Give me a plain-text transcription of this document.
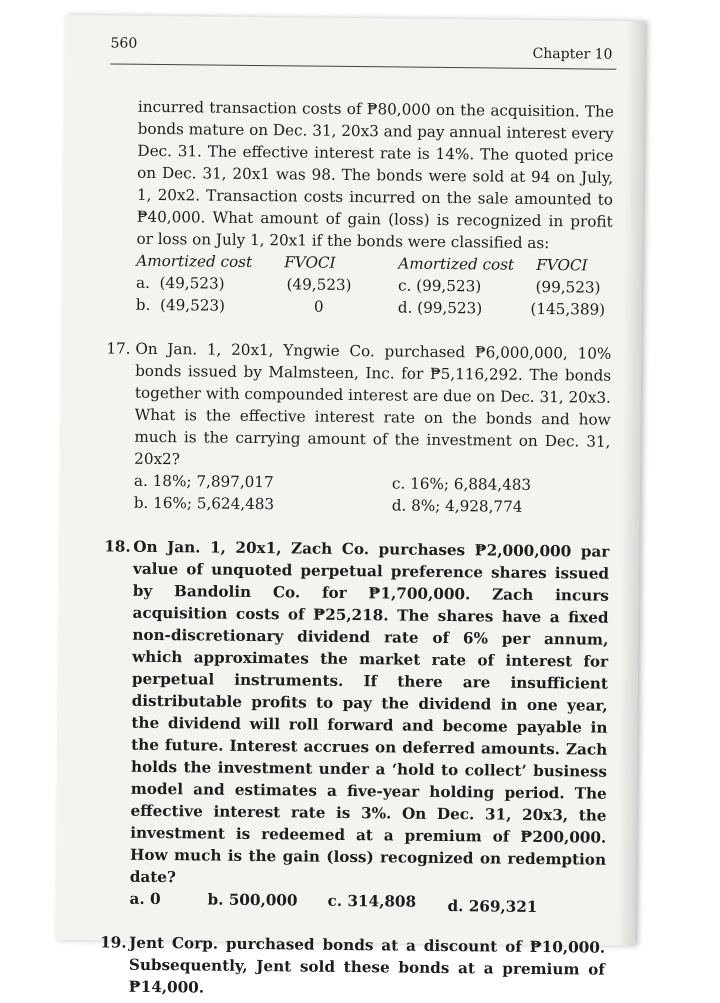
560
Chapter 10

incurred transaction costs of ₱80,000 on the acquisition. The bonds mature on Dec. 31, 20x3 and pay annual interest every Dec. 31. The effective interest rate is 14%. The quoted price on Dec. 31, 20x1 was 98. The bonds were sold at 94 on July, 1, 20x2. Transaction costs incurred on the sale amounted to ₱40,000. What amount of gain (loss) is recognized in profit or loss on July 1, 20x1 if the bonds were classified as:

Amortized cost FVOCI	Amortized cost FVOCI
a. (49,523)	(49,523)	c. (99,523)	(99,523)
b. (49,523)	0	d. (99,523)	(145,389)
17. On Jan. 1, 20x1, Yngwie Co. purchased ₱6,000,000, 10% bonds issued by Malmsteen, Inc. for ₱5,116,292. The bonds together with compounded interest are due on Dec. 31, 20x3. What is the effective interest rate on the bonds and how much is the carrying amount of the investment on Dec. 31, 20x2?

a. 18%; 7,897,017	c. 16%; 6,884,483
b. 16%; 5,624,483	d. 8%; 4,928,774
18. On Jan. 1, 20x1, Zach Co. purchases ₱2,000,000 par value of unquoted perpetual preference shares issued by Bandolin Co. for ₱1,700,000. Zach incurs acquisition costs of ₱25,218. The shares have a fixed non-discretionary dividend rate of 6% per annum, which approximates the market rate of interest for perpetual instruments. If there are insufficient distributable profits to pay the dividend in one year, the dividend will roll forward and become payable in the future. Interest accrues on deferred amounts. Zach holds the investment under a ‘hold to collect’ business model and estimates a five-year holding period. The effective interest rate is 3%. On Dec. 31, 20x3, the investment is redeemed at a premium of ₱200,000. How much is the gain (loss) recognized on redemption date?

a. 0	b. 500,000 c. 314,808 d. 269,321
19. Jent Corp. purchased bonds at a discount of ₱10,000. Subsequently, Jent sold these bonds at a premium of ₱14,000.
